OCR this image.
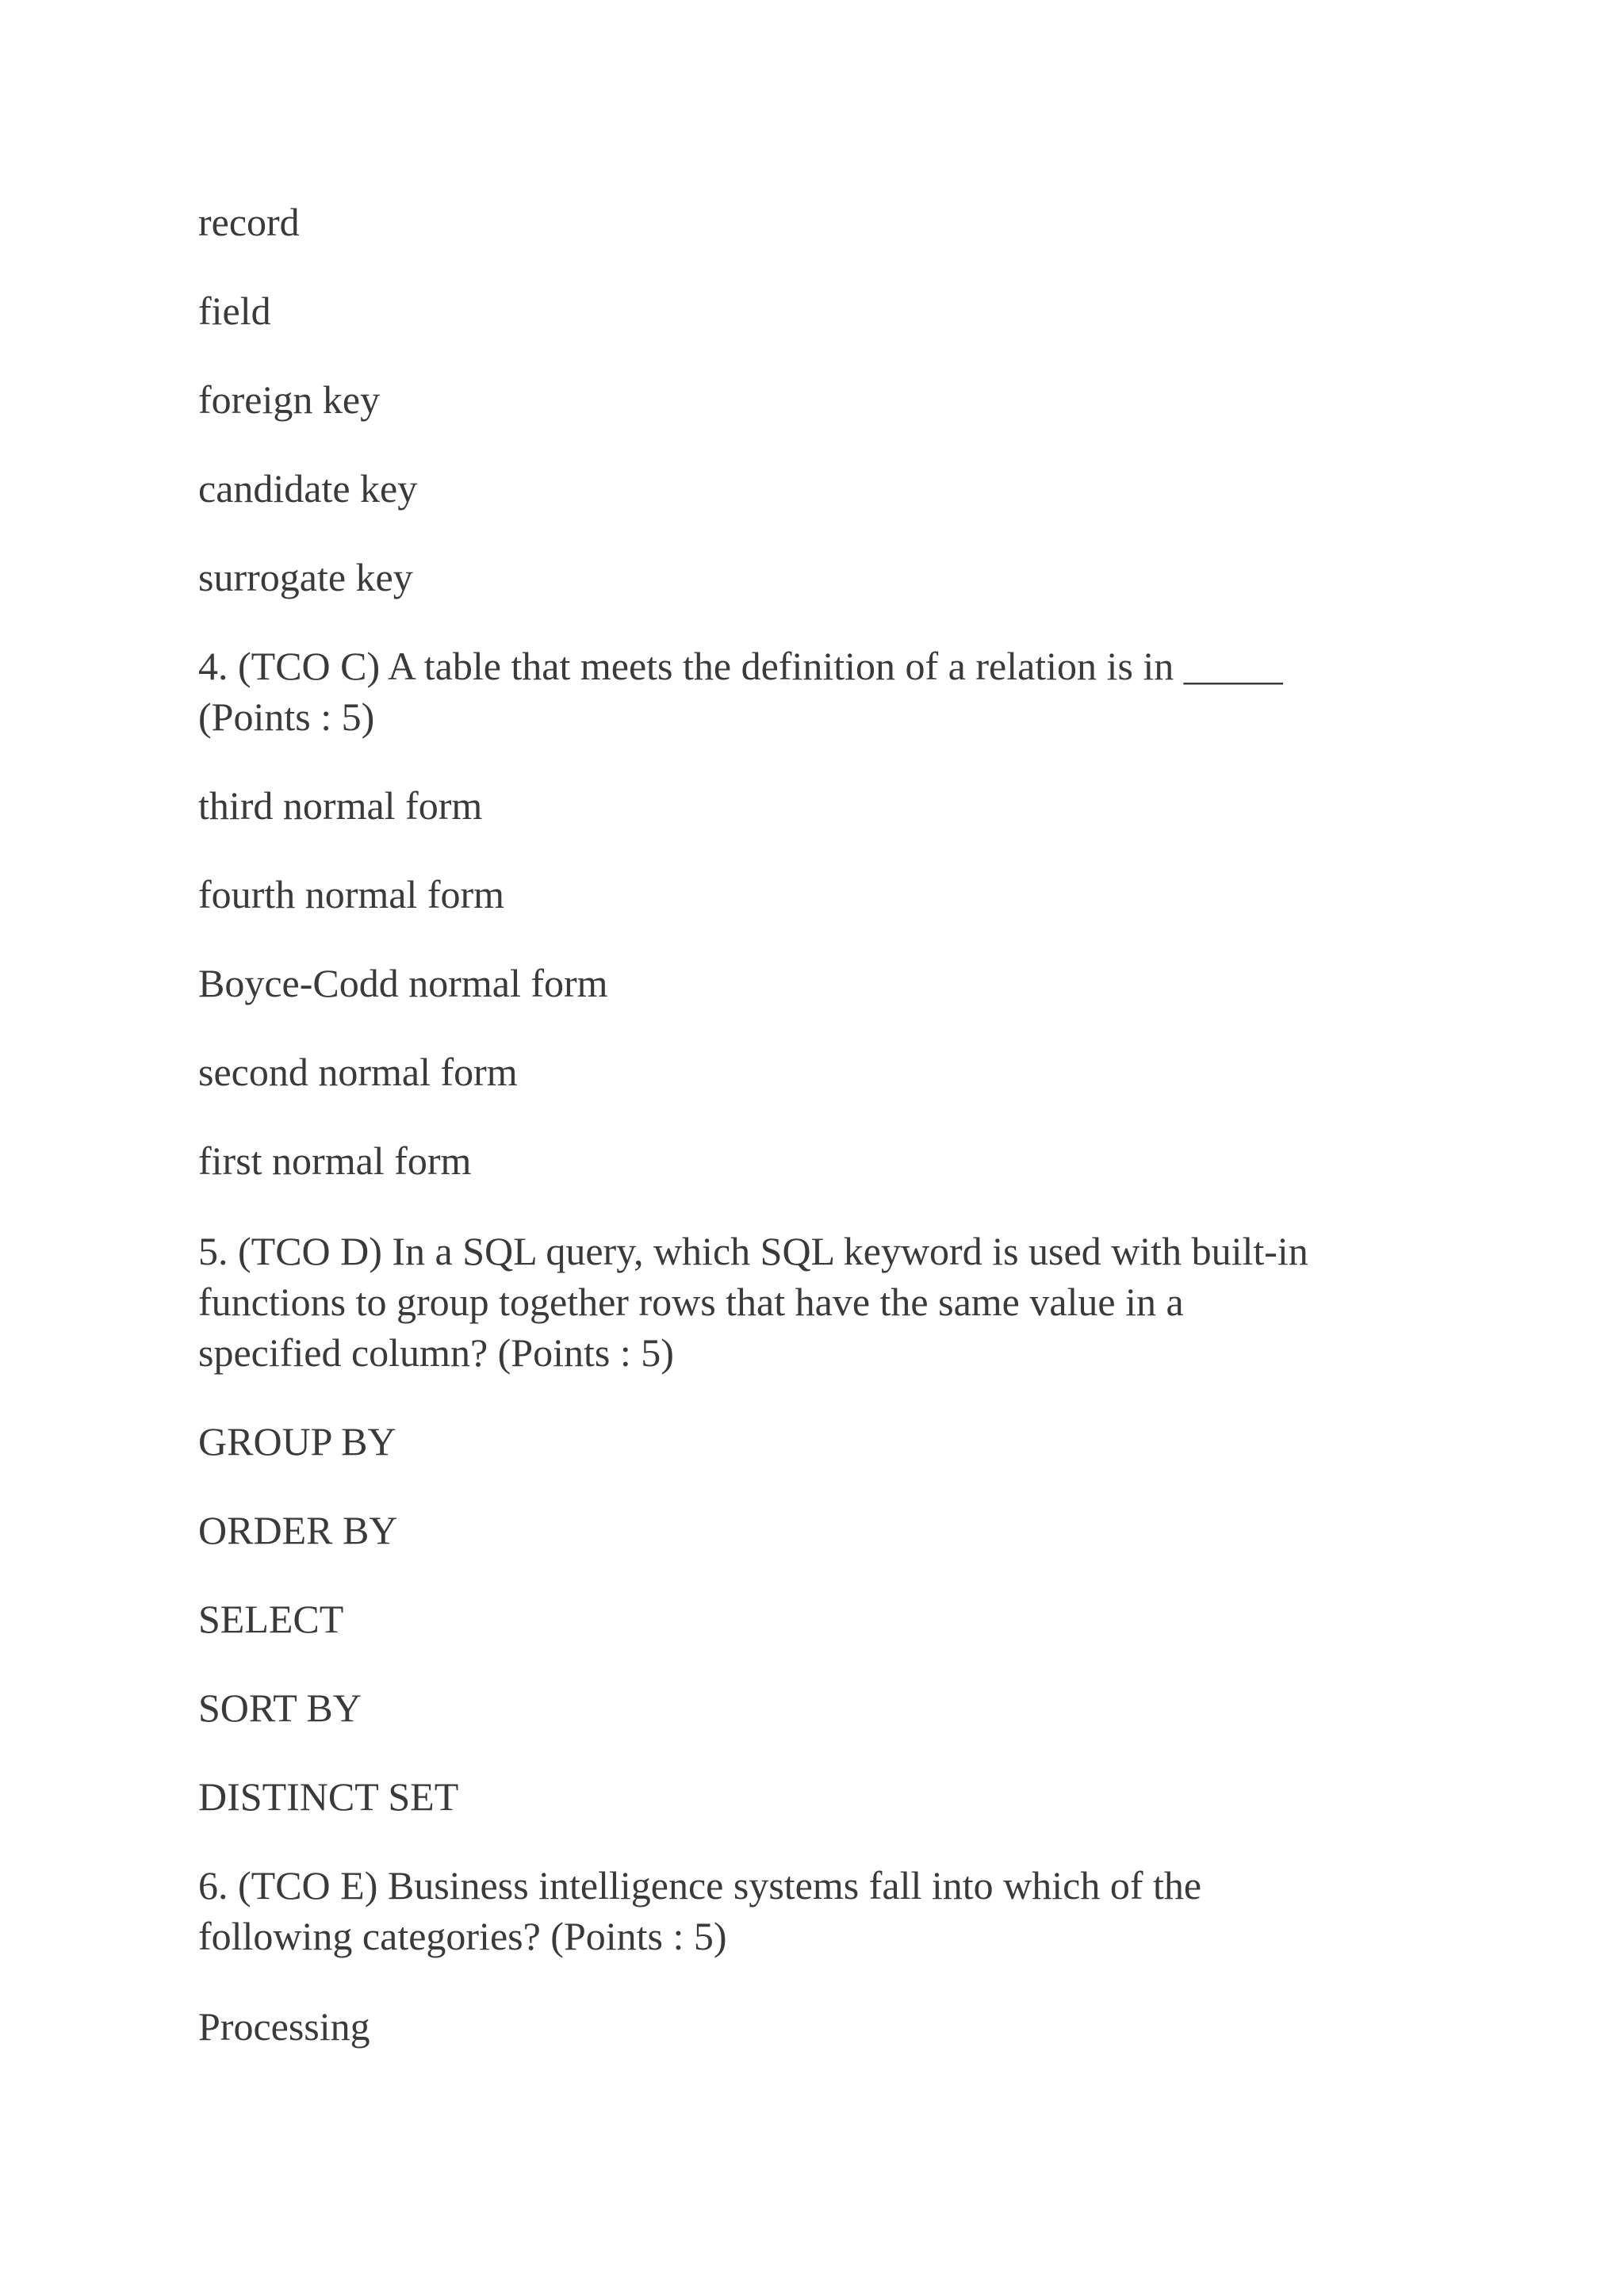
record

field

foreign key

candidate key

surrogate key

4. (TCO C) A table that meets the definition of a relation is in _____
(Points : 5)

third normal form

fourth normal form

Boyce-Codd normal form

second normal form

first normal form

5. (TCO D) In a SQL query, which SQL keyword is used with built-in
functions to group together rows that have the same value in a
specified column? (Points : 5)

GROUP BY

ORDER BY

SELECT

SORT BY

DISTINCT SET

6. (TCO E) Business intelligence systems fall into which of the
following categories? (Points : 5)

Processing
